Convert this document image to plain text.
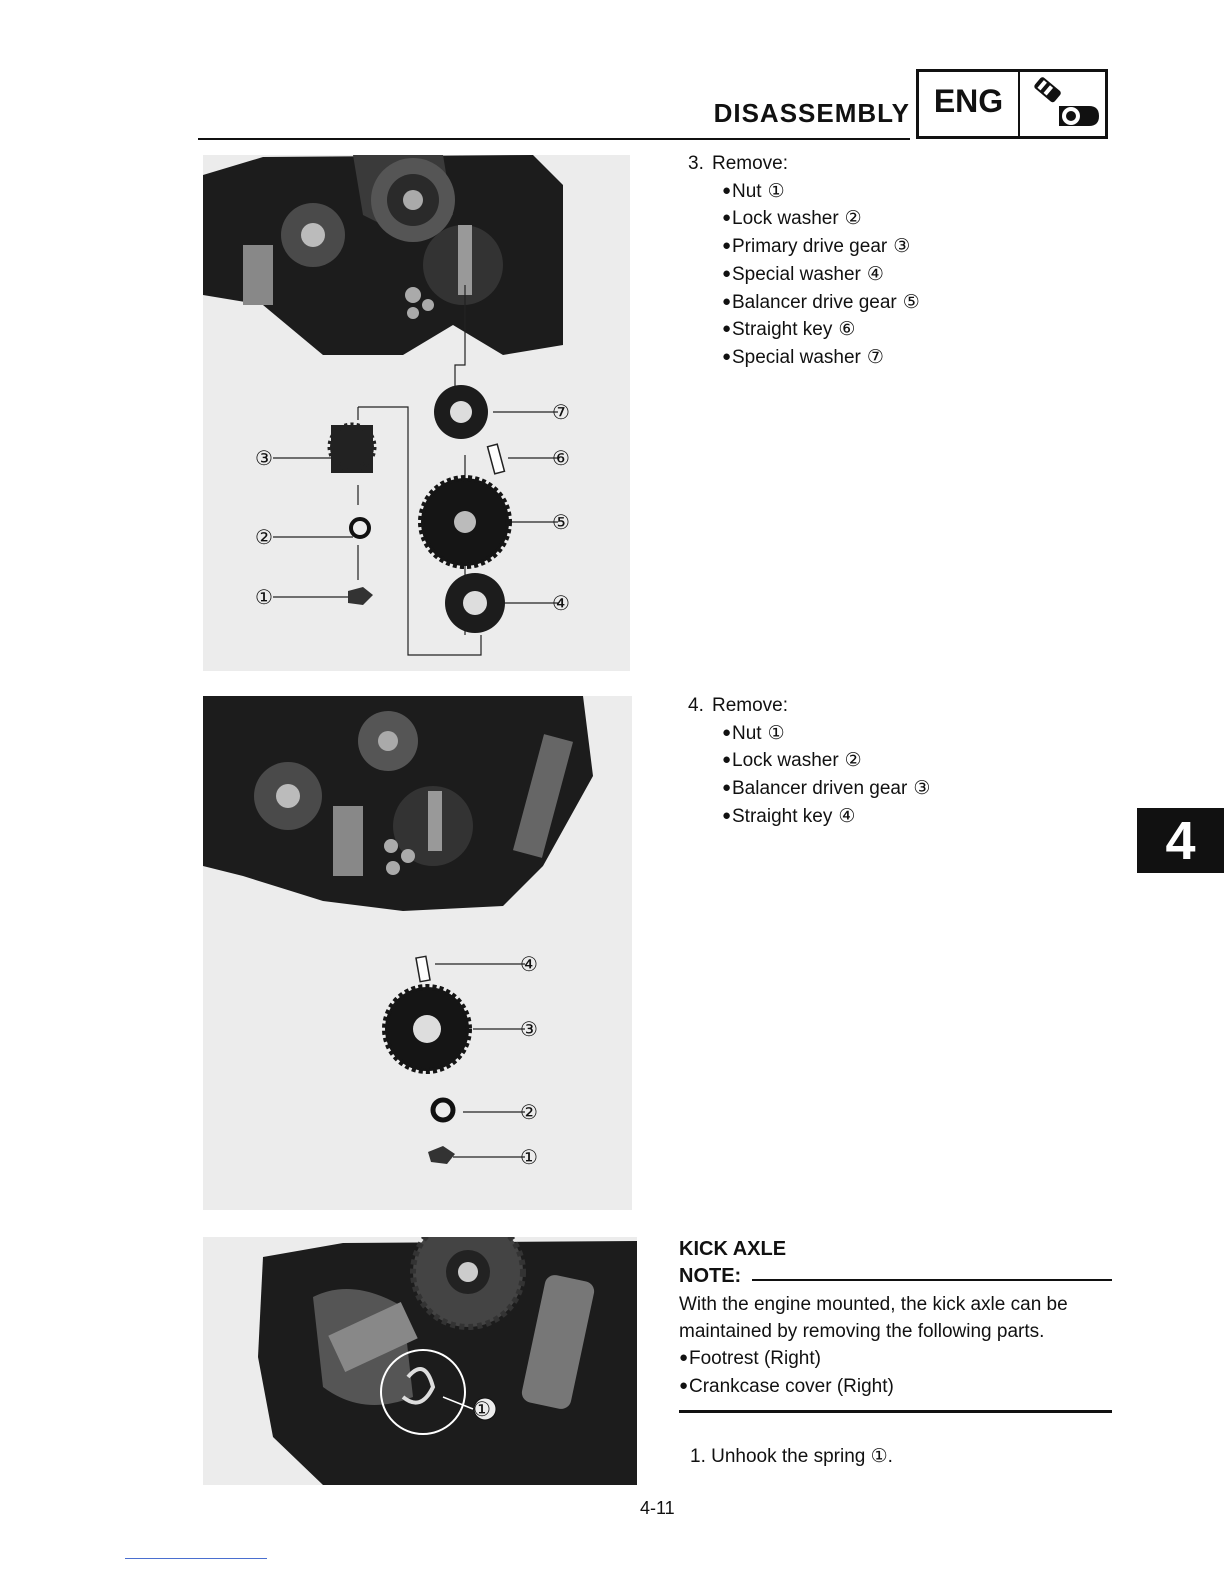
DISASSEMBLY ENG
⑦
⑥
⑤
④
③
②
①
3. Remove:
●Nut ①
●Lock washer ②
●Primary drive gear ③
●Special washer ④
●Balancer drive gear ⑤
●Straight key ⑥
●Special washer ⑦
④
③
②
①
4. Remove:
●Nut ①
●Lock washer ②
●Balancer driven gear ③
●Straight key ④	4
①
KICK AXLE
NOTE:
With the engine mounted, the kick axle can be
maintained by removing the following parts.
●Footrest (Right)
●Crankcase cover (Right)
1. Unhook the spring ①.
4-11
